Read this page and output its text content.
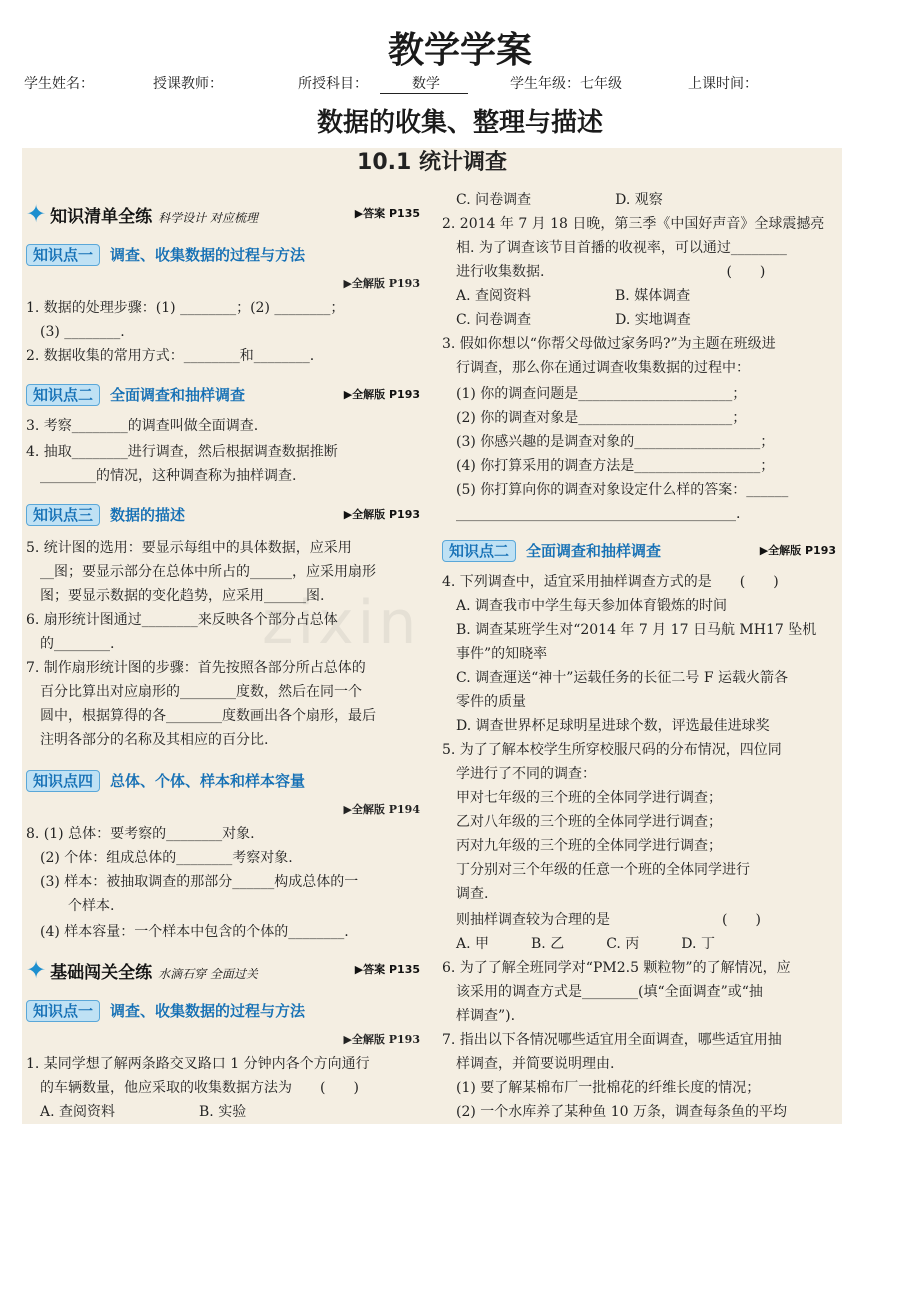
教学学案
学生姓名：	授课教师：	所授科目：	数学	学生年级：七年级	上课时间：
数据的收集、整理与描述
zixin
10.1 统计调查
✦ 知识清单全练 科学设计 对应梳理	▶答案 P135
知识点一 调查、收集数据的过程与方法
▶全解版 P193
1. 数据的处理步骤：(1) ________；(2) ________；
(3) ________.
2. 数据收集的常用方式：________和________.
知识点二 全面调查和抽样调查	▶全解版 P193
3. 考察________的调查叫做全面调查.
4. 抽取________进行调查，然后根据调查数据推断
________的情况，这种调查称为抽样调查.
知识点三 数据的描述	▶全解版 P193
5. 统计图的选用：要显示每组中的具体数据，应采用
__图；要显示部分在总体中所占的______，应采用扇形
图；要显示数据的变化趋势，应采用______图.
6. 扇形统计图通过________来反映各个部分占总体
的________.
7. 制作扇形统计图的步骤：首先按照各部分所占总体的
百分比算出对应扇形的________度数，然后在同一个
圆中，根据算得的各________度数画出各个扇形，最后
注明各部分的名称及其相应的百分比.
知识点四 总体、个体、样本和样本容量
▶全解版 P194
8. (1) 总体：要考察的________对象.
(2) 个体：组成总体的________考察对象.
(3) 样本：被抽取调查的那部分______构成总体的一
个样本.
(4) 样本容量：一个样本中包含的个体的________.
✦ 基础闯关全练 水滴石穿 全面过关	▶答案 P135
知识点一 调查、收集数据的过程与方法
▶全解版 P193
1. 某同学想了解两条路交叉路口 1 分钟内各个方向通行
的车辆数量，他应采取的收集数据方法为　　(　　)
A. 查阅资料　　　　　　B. 实验
C. 问卷调查　　　　　　D. 观察
2. 2014 年 7 月 18 日晚，第三季《中国好声音》全球震撼亮
相. 为了调查该节目首播的收视率，可以通过________
进行收集数据.　　　　　　　　　　　　　(　　)
A. 查阅资料　　　　　　B. 媒体调查
C. 问卷调查　　　　　　D. 实地调查
3. 假如你想以“你帮父母做过家务吗?”为主题在班级进
行调查，那么你在通过调查收集数据的过程中：
(1) 你的调查问题是______________________；
(2) 你的调查对象是______________________；
(3) 你感兴趣的是调查对象的__________________；
(4) 你打算采用的调查方法是__________________；
(5) 你打算向你的调查对象设定什么样的答案：______
________________________________________.
知识点二 全面调查和抽样调查	▶全解版 P193
4. 下列调查中，适宜采用抽样调查方式的是　　(　　)
A. 调查我市中学生每天参加体育锻炼的时间
B. 调查某班学生对“2014 年 7 月 17 日马航 MH17 坠机
事件”的知晓率
C. 调查運送“神十”运载任务的长征二号 F 运载火箭各
零件的质量
D. 调查世界杯足球明星进球个数，评选最佳进球奖
5. 为了了解本校学生所穿校服尺码的分布情况，四位同
学进行了不同的调查：
甲对七年级的三个班的全体同学进行调查；
乙对八年级的三个班的全体同学进行调查；
丙对九年级的三个班的全体同学进行调查；
丁分别对三个年级的任意一个班的全体同学进行
调查.
则抽样调查较为合理的是　　　　　　　　(　　)
A. 甲　　　B. 乙　　　C. 丙　　　D. 丁
6. 为了了解全班同学对“PM2.5 颗粒物”的了解情况，应
该采用的调查方式是________(填“全面调查”或“抽
样调查”).
7. 指出以下各情况哪些适宜用全面调查，哪些适宜用抽
样调查，并简要说明理由.
(1) 要了解某棉布厂一批棉花的纤维长度的情况；
(2) 一个水库养了某种鱼 10 万条，调查每条鱼的平均
